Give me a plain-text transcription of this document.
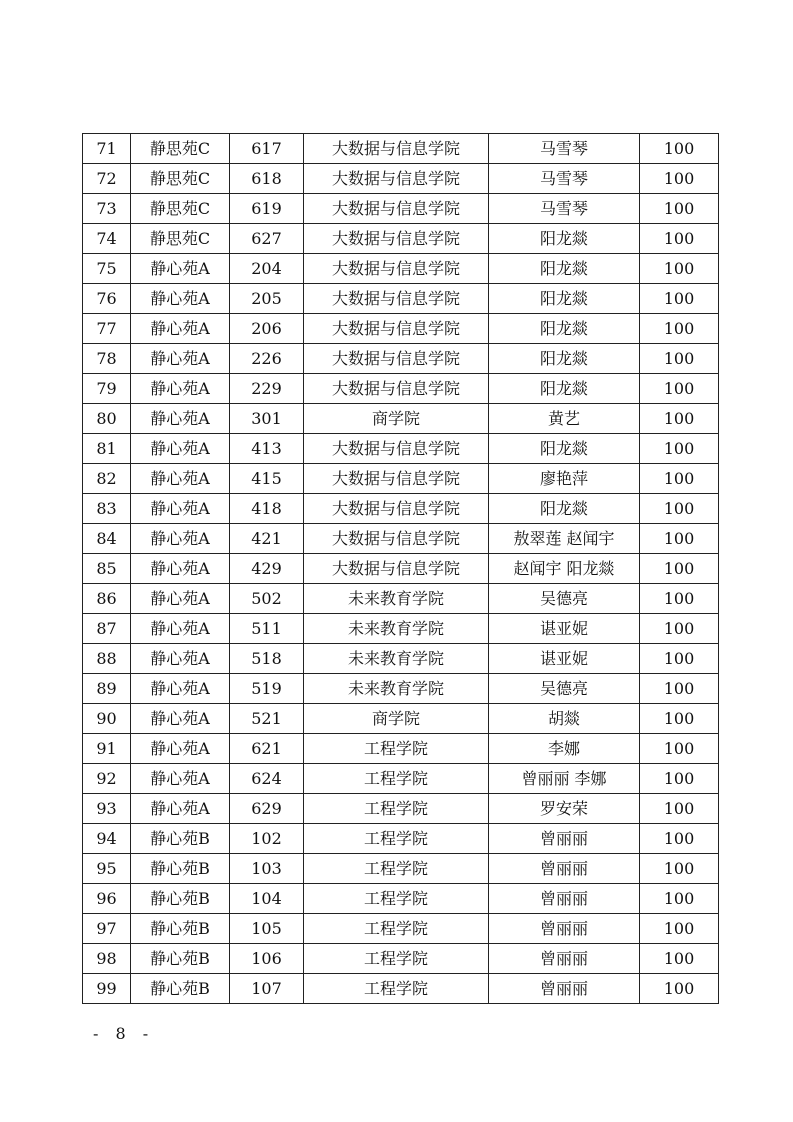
71	静思苑C	617	大数据与信息学院	马雪琴	100
72	静思苑C	618	大数据与信息学院	马雪琴	100
73	静思苑C	619	大数据与信息学院	马雪琴	100
74	静思苑C	627	大数据与信息学院	阳龙燚	100
75	静心苑A	204	大数据与信息学院	阳龙燚	100
76	静心苑A	205	大数据与信息学院	阳龙燚	100
77	静心苑A	206	大数据与信息学院	阳龙燚	100
78	静心苑A	226	大数据与信息学院	阳龙燚	100
79	静心苑A	229	大数据与信息学院	阳龙燚	100
80	静心苑A	301	商学院	黄艺	100
81	静心苑A	413	大数据与信息学院	阳龙燚	100
82	静心苑A	415	大数据与信息学院	廖艳萍	100
83	静心苑A	418	大数据与信息学院	阳龙燚	100
84	静心苑A	421	大数据与信息学院	敖翠莲 赵闻宇	100
85	静心苑A	429	大数据与信息学院	赵闻宇 阳龙燚	100
86	静心苑A	502	未来教育学院	吴德亮	100
87	静心苑A	511	未来教育学院	谌亚妮	100
88	静心苑A	518	未来教育学院	谌亚妮	100
89	静心苑A	519	未来教育学院	吴德亮	100
90	静心苑A	521	商学院	胡燚	100
91	静心苑A	621	工程学院	李娜	100
92	静心苑A	624	工程学院	曾丽丽 李娜	100
93	静心苑A	629	工程学院	罗安荣	100
94	静心苑B	102	工程学院	曾丽丽	100
95	静心苑B	103	工程学院	曾丽丽	100
96	静心苑B	104	工程学院	曾丽丽	100
97	静心苑B	105	工程学院	曾丽丽	100
98	静心苑B	106	工程学院	曾丽丽	100
99	静心苑B	107	工程学院	曾丽丽	100
- 8 -
